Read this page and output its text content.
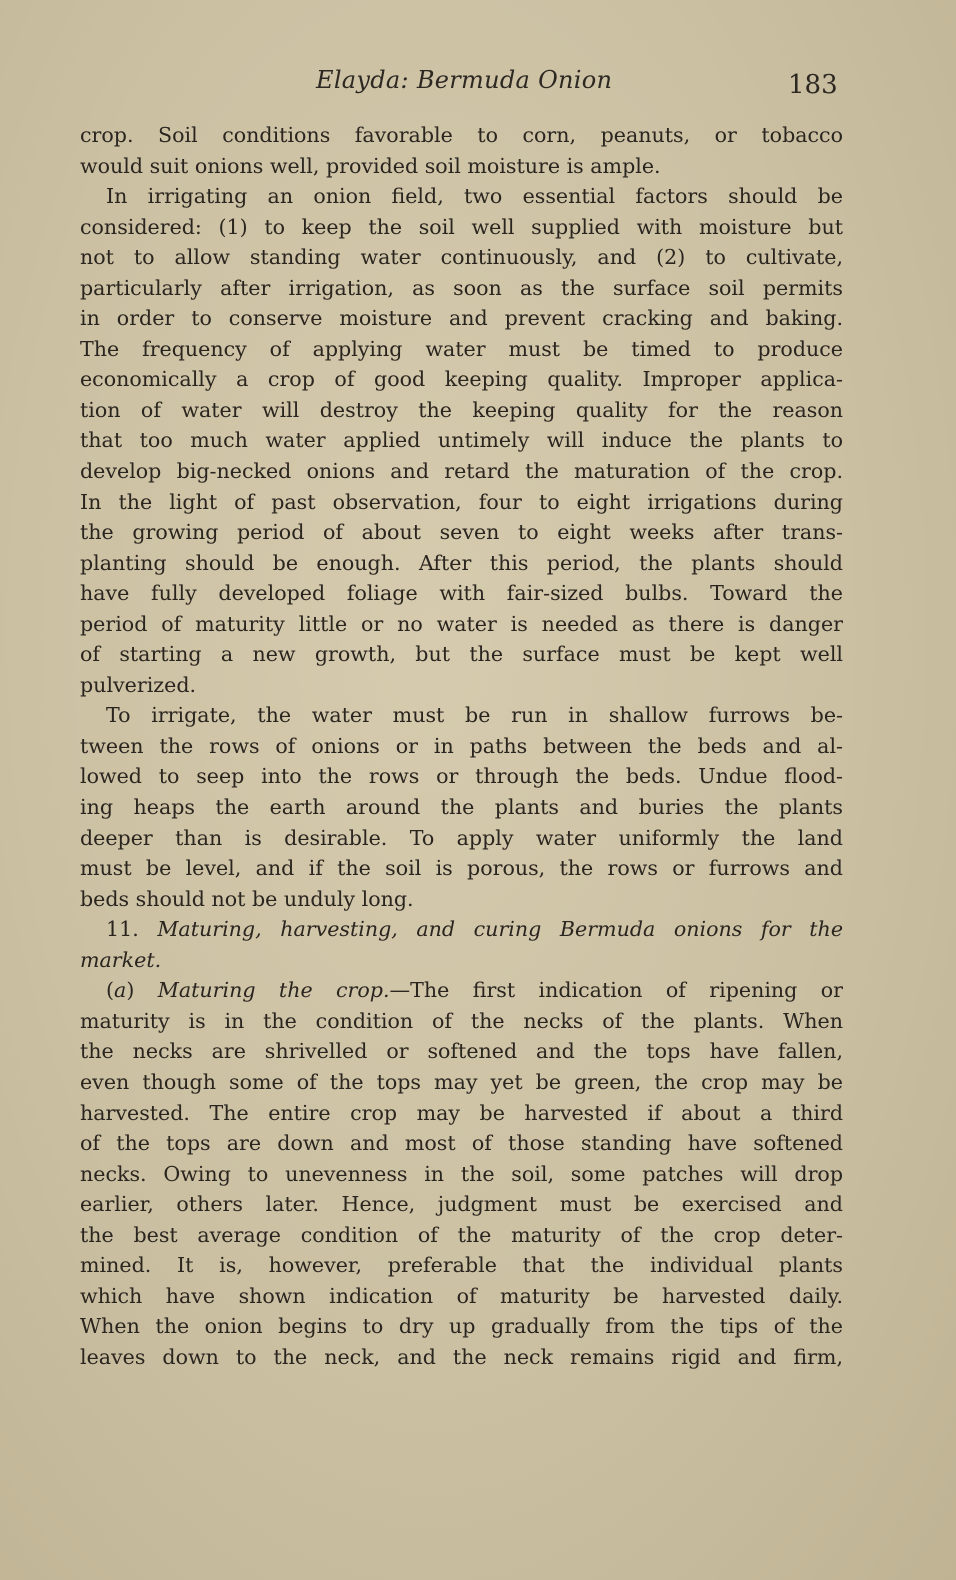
Elayda: Bermuda Onion	183
crop. Soil conditions favorable to corn, peanuts, or tobacco
would suit onions well, provided soil moisture is ample.
In irrigating an onion field, two essential factors should be
considered: (1) to keep the soil well supplied with moisture but
not to allow standing water continuously, and (2) to cultivate,
particularly after irrigation, as soon as the surface soil permits
in order to conserve moisture and prevent cracking and baking.
The frequency of applying water must be timed to produce
economically a crop of good keeping quality. Improper applica-
tion of water will destroy the keeping quality for the reason
that too much water applied untimely will induce the plants to
develop big-necked onions and retard the maturation of the crop.
In the light of past observation, four to eight irrigations during
the growing period of about seven to eight weeks after trans-
planting should be enough. After this period, the plants should
have fully developed foliage with fair-sized bulbs. Toward the
period of maturity little or no water is needed as there is danger
of starting a new growth, but the surface must be kept well
pulverized.
To irrigate, the water must be run in shallow furrows be-
tween the rows of onions or in paths between the beds and al-
lowed to seep into the rows or through the beds. Undue flood-
ing heaps the earth around the plants and buries the plants
deeper than is desirable. To apply water uniformly the land
must be level, and if the soil is porous, the rows or furrows and
beds should not be unduly long.
11. Maturing, harvesting, and curing Bermuda onions for the
market.
(a) Maturing the crop.—The first indication of ripening or
maturity is in the condition of the necks of the plants. When
the necks are shrivelled or softened and the tops have fallen,
even though some of the tops may yet be green, the crop may be
harvested. The entire crop may be harvested if about a third
of the tops are down and most of those standing have softened
necks. Owing to unevenness in the soil, some patches will drop
earlier, others later. Hence, judgment must be exercised and
the best average condition of the maturity of the crop deter-
mined. It is, however, preferable that the individual plants
which have shown indication of maturity be harvested daily.
When the onion begins to dry up gradually from the tips of the
leaves down to the neck, and the neck remains rigid and firm,
